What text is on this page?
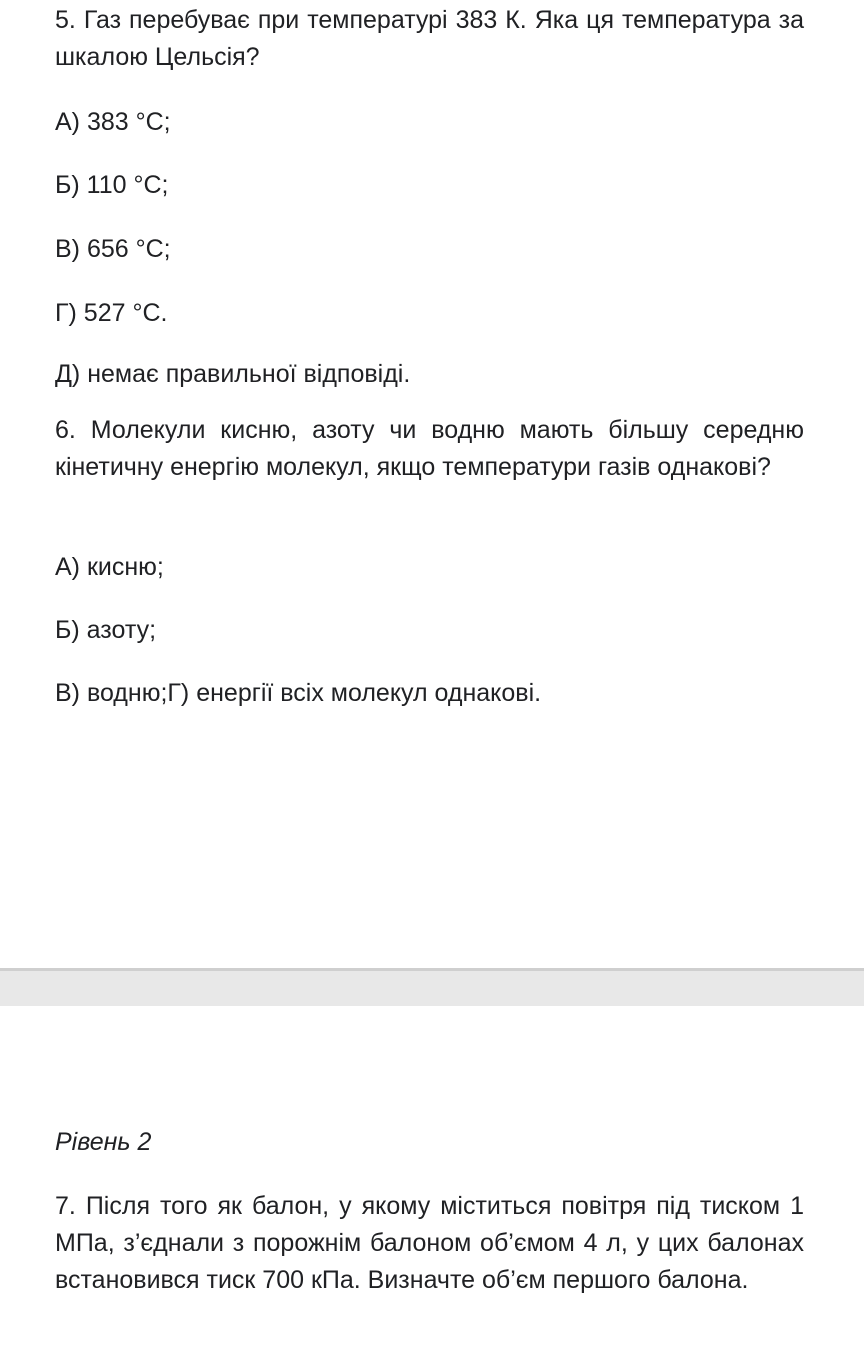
5. Газ перебуває при температурі 383 К. Яка ця температура за шкалою Цельсія?

А) 383 °С;

Б) 110 °С;

В) 656 °С;

Г) 527 °С.

Д) немає правильної відповіді.

6. Молекули кисню, азоту чи водню мають більшу середню кінетичну енергію молекул, якщо температури газів однакові?

А) кисню;

Б) азоту;

В) водню;Г) енергії всіх молекул однакові.

Рівень 2

7. Після того як балон, у якому міститься повітря під тиском 1 МПа, з’єднали з порожнім балоном об’ємом 4 л, у цих балонах встановився тиск 700 кПа. Визначте об’єм першого балона.
